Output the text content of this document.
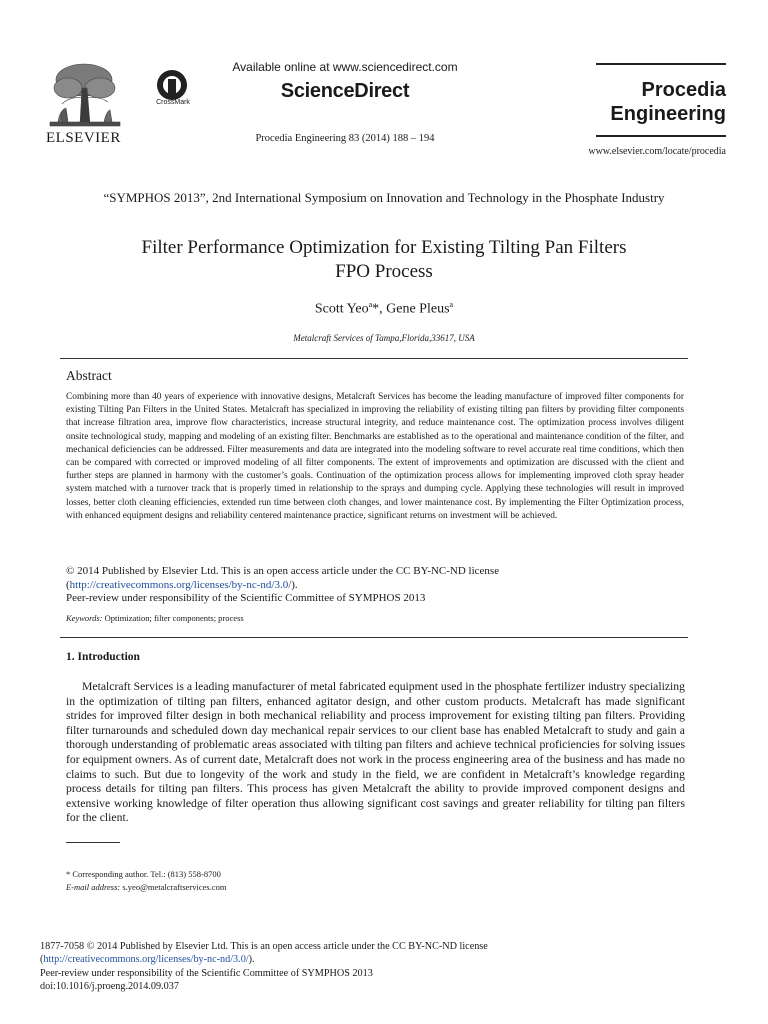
ELSEVIER
CrossMark
Available online at www.sciencedirect.com
ScienceDirect
Procedia Engineering 83 (2014) 188 – 194
Procedia
Engineering
www.elsevier.com/locate/procedia
“SYMPHOS 2013”, 2nd International Symposium on Innovation and Technology in the Phosphate Industry
Filter Performance Optimization for Existing Tilting Pan Filters
FPO Process
Scott Yeo$^a$*, Gene Pleus$^a$
Metalcraft Services of Tampa,Florida,33617, USA
Abstract
Combining more than 40 years of experience with innovative designs, Metalcraft Services has become the leading manufacture of improved filter components for existing Tilting Pan Filters in the United States. Metalcraft has specialized in improving the reliability of existing tilting pan filters by providing filter components that increase filtration area, improve flow characteristics, increase structural integrity, and reduce maintenance cost. The optimization process involves diligent onsite technological study, mapping and modeling of an existing filter. Benchmarks are established as to the operational and maintenance condition of the filter, and mechanical deficiencies can be addressed. Filter measurements and data are integrated into the modeling software to revel accurate real time conditions, which then can be compared with corrected or improved modeling of all filter components. The extent of improvements and optimization are discussed with the client and further steps are planned in harmony with the customer’s goals. Continuation of the optimization process allows for implementing improved cloth spray header system matched with a turnover track that is properly timed in relationship to the sprays and dumping cycle. Applying these technologies will result in improved losses, better cloth cleaning efficiencies, extended run time between cloth changes, and lower maintenance cost. By implementing the Filter Optimization process, with enhanced equipment designs and reliability centered maintenance practice, significant returns on investment will be achieved.
© 2014 Published by Elsevier Ltd. This is an open access article under the CC BY-NC-ND license
(http://creativecommons.org/licenses/by-nc-nd/3.0/).
Peer-review under responsibility of the Scientific Committee of SYMPHOS 2013
Keywords: Optimization; filter components; process
1. Introduction
Metalcraft Services is a leading manufacturer of metal fabricated equipment used in the phosphate fertilizer industry specializing in the optimization of tilting pan filters, enhanced agitator design, and other custom products. Metalcraft has made significant strides for improved filter design in both mechanical reliability and process improvement for existing tilting pan filters. Providing filter turnarounds and scheduled down day mechanical repair services to our client base has enabled Metalcraft to study and gain a thorough understanding of problematic areas associated with tilting pan filters and achieve technical proficiencies for solving issues for equipment owners. As of current date, Metalcraft does not work in the process engineering area of the business and has made no claims to such. But due to longevity of the work and study in the field, we are confident in Metalcraft’s knowledge regarding process details for tilting pan filters. This process has given Metalcraft the ability to provide improved component designs and extensive working knowledge of filter operation thus allowing significant cost savings and greater reliability for tilting pan filters for the client.
* Corresponding author. Tel.: (813) 558-8700
E-mail address: s.yeo@metalcraftservices.com
1877-7058 © 2014 Published by Elsevier Ltd. This is an open access article under the CC BY-NC-ND license
(http://creativecommons.org/licenses/by-nc-nd/3.0/).
Peer-review under responsibility of the Scientific Committee of SYMPHOS 2013
doi:10.1016/j.proeng.2014.09.037
